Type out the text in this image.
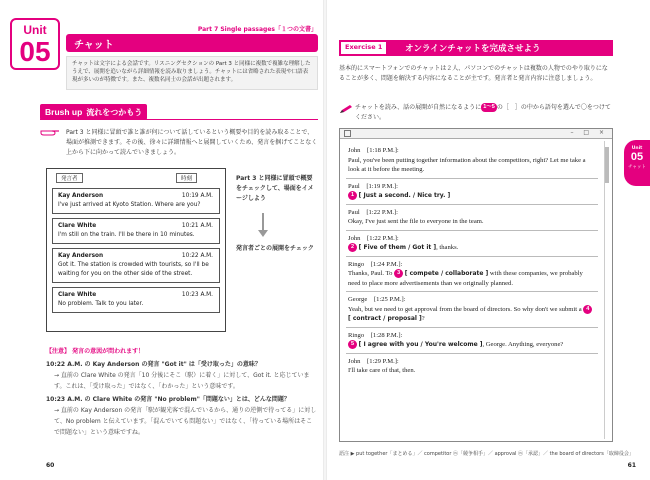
Unit
05
Part 7 Single passages「１つの文書」
チャット
チャットは文字による会話です。リスニングセクションの Part 3 と同様に複数で複雑な理解したうえで、展開を追いながら詳細情報を読み取りましょう。チャットには省略された表現や口語表現が多いのが特徴です。また、複数名同士の会話が出題されます。
Brush up 流れをつかもう
Part 3 と同様に冒頭で誰と誰が何について話しているという概要や目的を読み取ることで、場面が推測できます。その後、徐々に詳細情報へと展開していくため、発言を掴げてことなく上から下に向かって読んでいきましょう。
発言者	時刻
Kay Anderson	10:19 A.M.
I've just arrived at Kyoto Station. Where are you?
Clare White	10:21 A.M.
I'm still on the train. I'll be there in 10 minutes.
Kay Anderson	10:22 A.M.
Got it. The station is crowded with tourists, so I'll be waiting for you on the other side of the street.
Clare White	10:23 A.M.
No problem. Talk to you later.
Part 3 と同様に冒頭で概要をチェックして、場面をイメージしよう
発言者ごとの展開をチェック
【注意】 発言の意図が問われます！
10:22 A.M. の Kay Anderson の発言 "Got it" は「受け取った」の意味？
→ 直前の Clare White の発言「10 分後にそこ（駅）に着く」に対して、Got it. と応じています。これは、「受け取った」ではなく、「わかった」という意味です。
10:23 A.M. の Clare White の発言 "No problem"「問題ない」とは、どんな問題？
→ 直前の Kay Anderson の発言「駅が観光客で混んでいるから、通りの逆側で待ってる」に対して、No problem と伝えています。「混んでいても問題ない」ではなく、「待っている場所はそこで問題ない」という意味ですね。
60
Exercise 1	オンラインチャットを完成させよう
基本的にスマートフォンでのチャットは２人、パソコンでのチャットは複数の人物でのやり取りになることが多く、問題を解決する内容になることが主です。発言者と発言内容に注意しましょう。
チャットを読み、話の展開が自然になるように 1〜5 の［　］の中から語句を選んで〇をつけてください。
– □ ×
John　[1:18 P.M.]:
Paul, you've been putting together information about the competitors, right? Let me take a look at it before the meeting.
Paul　[1:19 P.M.]:
1 [ Just a second. / Nice try. ]
Paul　[1:22 P.M.]:
Okay, I've just sent the file to everyone in the team.
John　[1:22 P.M.]:
2 [ Five of them / Got it ], thanks.
Ringo　[1:24 P.M.]:
Thanks, Paul. To 3 [ compete / collaborate ] with these companies, we probably need to place more advertisements than we originally planned.
George　[1:25 P.M.]:
Yeah, but we need to get approval from the board of directors. So why don't we submit a 4 [ contract / proposal ]?
Ringo　[1:28 P.M.]:
5 [ I agree with you / You're welcome ], George. Anything, everyone?
John　[1:29 P.M.]:
I'll take care of that, then.
語注 ▶ put together「まとめる」／ competitor ⓝ「競争相手」／ approval ⓝ「承認」／ the board of directors「取締役会」
61
Unit
05
チャット
